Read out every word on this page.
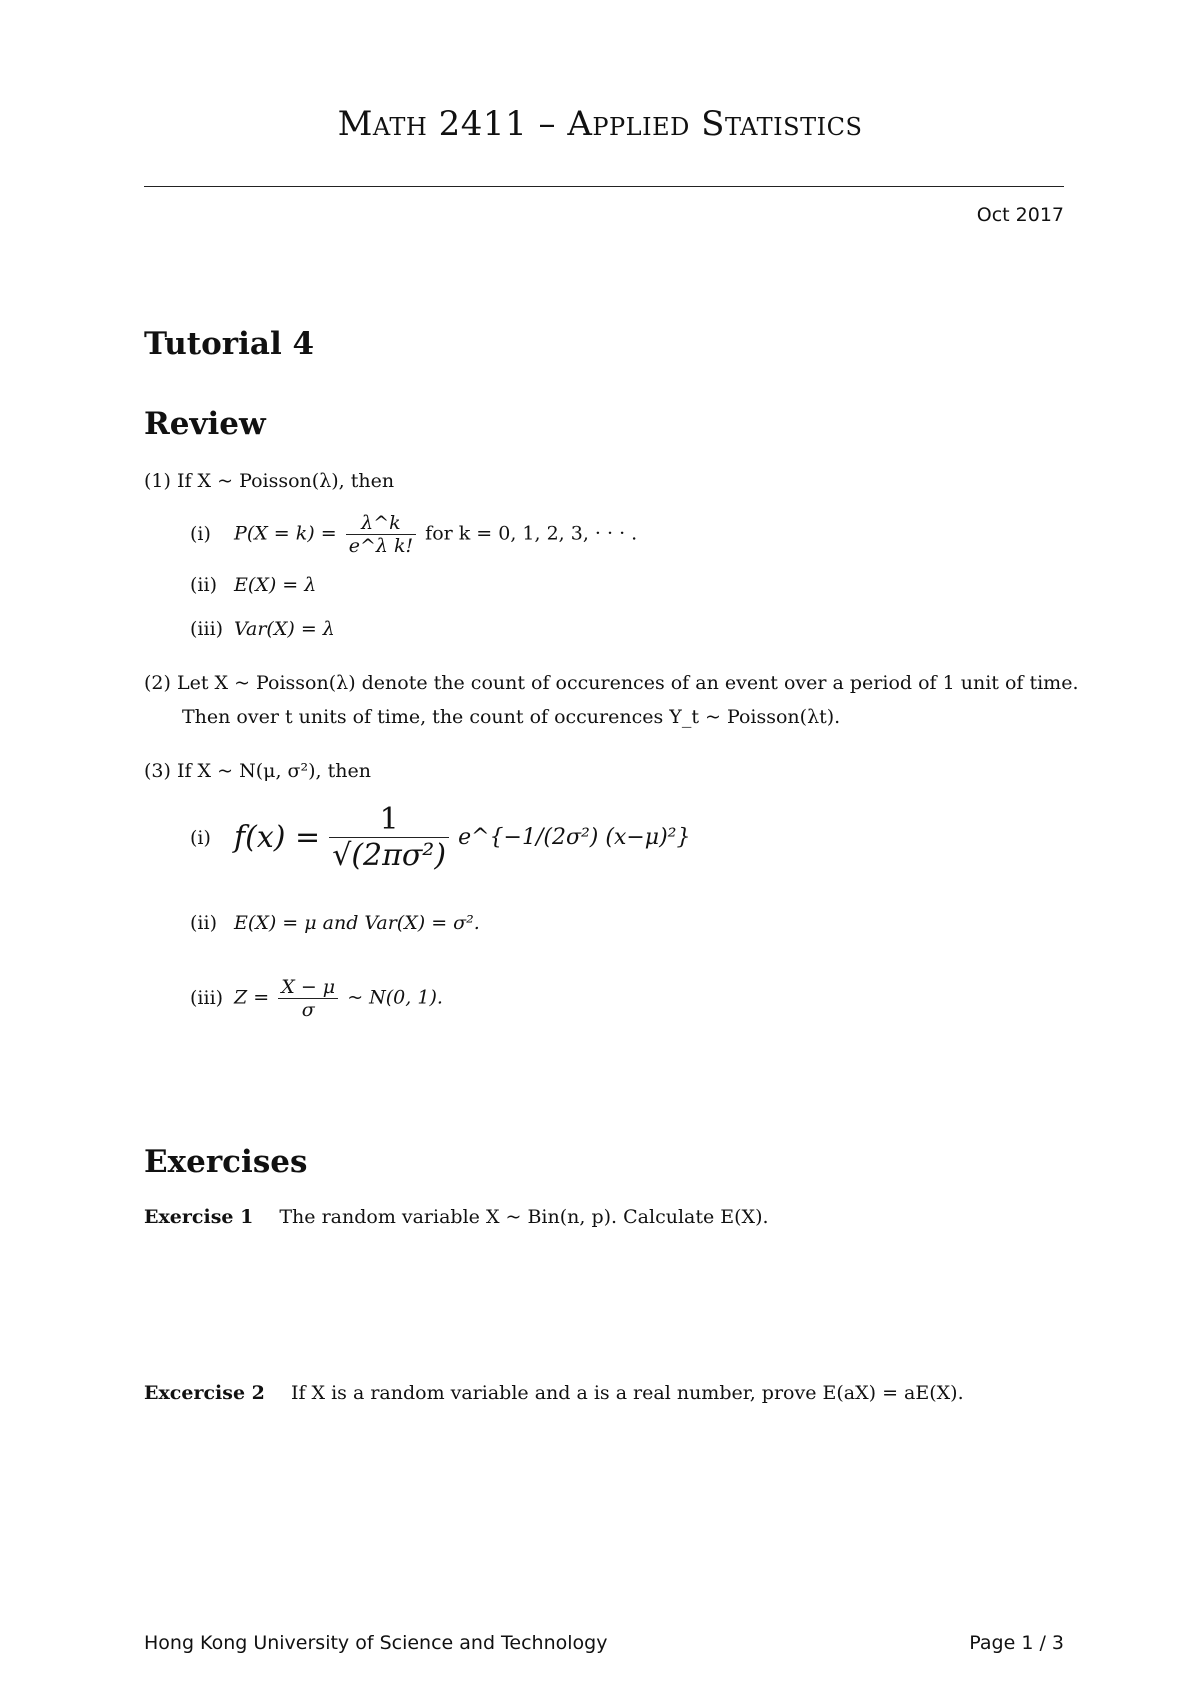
Math 2411 – Applied Statistics
Oct 2017
Tutorial 4
Review
(1) If X ~ Poisson(λ), then
(i) $P(X = k) = \frac{\lambda\^{}k}{\text{e\textasciicircum{}λ k!}}$ for k = 0, 1, 2, 3, · · · .
(ii) E(X) = λ
(iii) Var(X) = λ
(2) Let X ~ Poisson(λ) denote the count of occurences of an event over a period of 1 unit of time.
Then over t units of time, the count of occurences Y_t ~ Poisson(λt).
(3) If X ~ N(μ, σ²), then
(i) $f(x) = \frac{1}{\text{√(2πσ²)}}$ e^{−1/(2σ²) (x−μ)²}
(ii) E(X) = μ and Var(X) = σ².
(iii) $Z = \frac{X - \mu}{\sigma}$ ~ N(0, 1).
Exercises
Exercise 1 The random variable X ~ Bin(n, p). Calculate E(X).
Excercise 2 If X is a random variable and a is a real number, prove E(aX) = aE(X).
Hong Kong University of Science and Technology	Page 1 / 3
